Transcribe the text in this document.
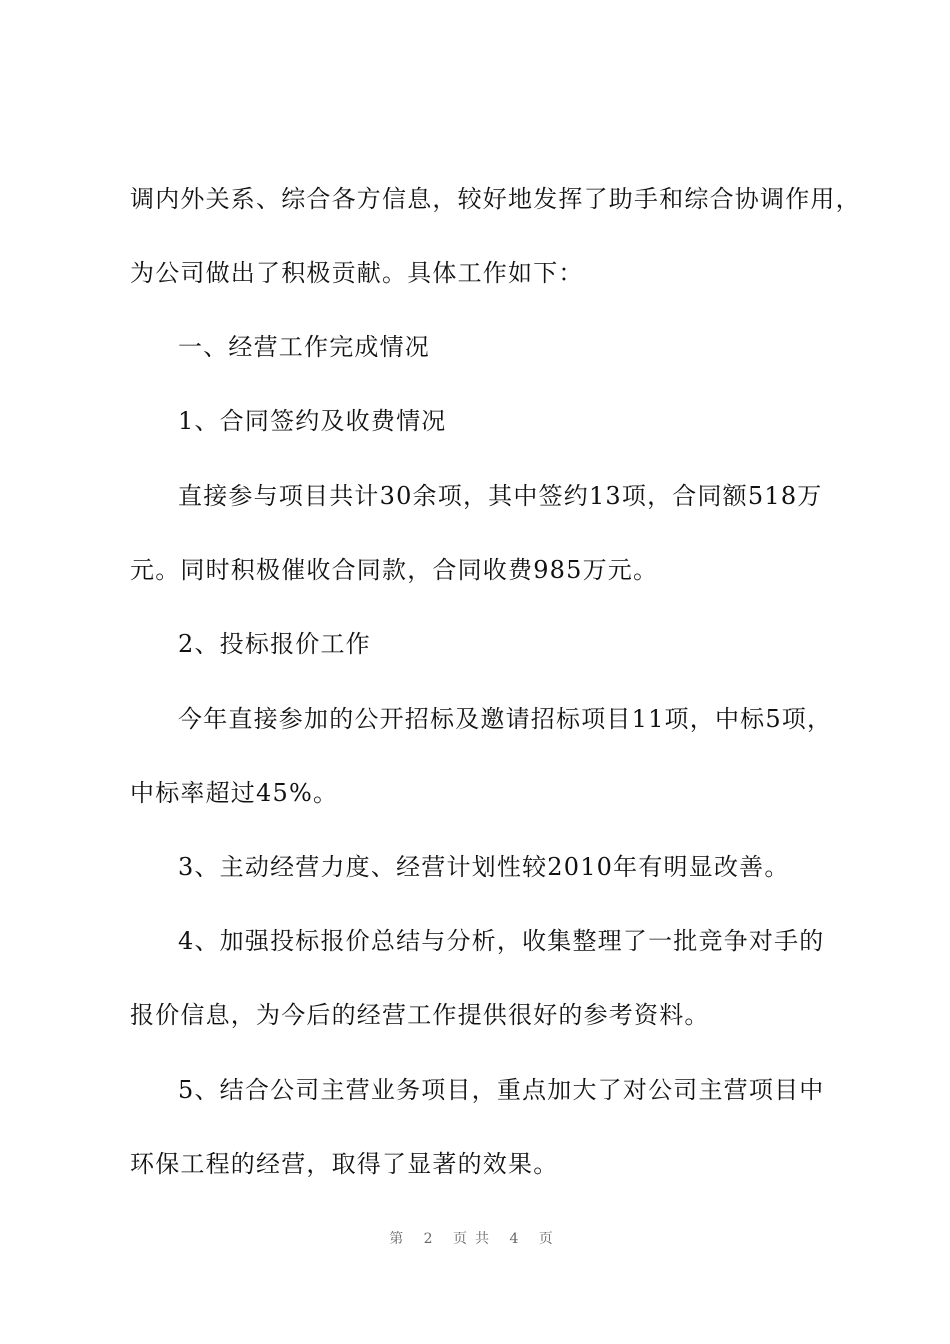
调内外关系、综合各方信息，较好地发挥了助手和综合协调作用，
为公司做出了积极贡献。具体工作如下：
一、经营工作完成情况
1、合同签约及收费情况
直接参与项目共计30余项，其中签约13项，合同额518万
元。同时积极催收合同款，合同收费985万元。
2、投标报价工作
今年直接参加的公开招标及邀请招标项目11项，中标5项，
中标率超过45%。
3、主动经营力度、经营计划性较2010年有明显改善。
4、加强投标报价总结与分析，收集整理了一批竞争对手的
报价信息，为今后的经营工作提供很好的参考资料。
5、结合公司主营业务项目，重点加大了对公司主营项目中
环保工程的经营，取得了显著的效果。
第 2 页共 4 页
